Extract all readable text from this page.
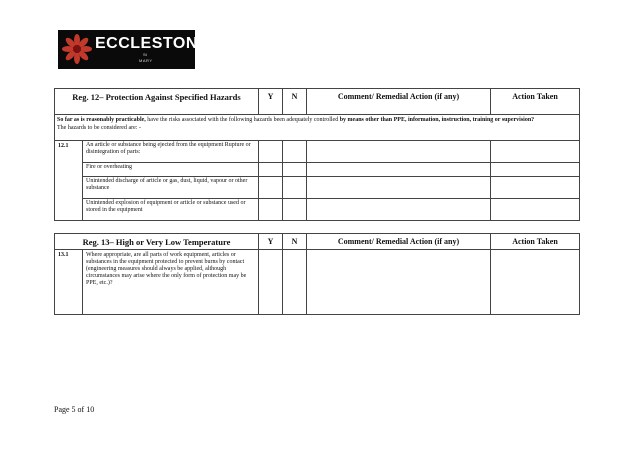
ECCLESTON
St
MARY
Reg. 12– Protection Against Specified Hazards		Y	N	Comment/ Remedial Action (if any)	Action Taken
So far as is reasonably practicable, have the risks associated with the following hazards been adequately controlled by means other than PPE, information, instruction, training or supervision?
The hazards to be considered are: -					
12.1	An article or substance being ejected from the equipment Rupture or disintegration of parts:				
	Fire or overheating				
	Unintended discharge of article or gas, dust, liquid, vapour or other substance				
	Unintended explosion of equipment or article or substance used or stored in the equipment				
Reg. 13– High or Very Low Temperature		Y	N	Comment/ Remedial Action (if any)	Action Taken
13.1	Where appropriate, are all parts of work equipment, articles or substances in the equipment protected to prevent burns by contact (engineering measures should always be applied, although circumstances may arise where the only form of protection may be PPE, etc.)?				
Page 5 of 10
